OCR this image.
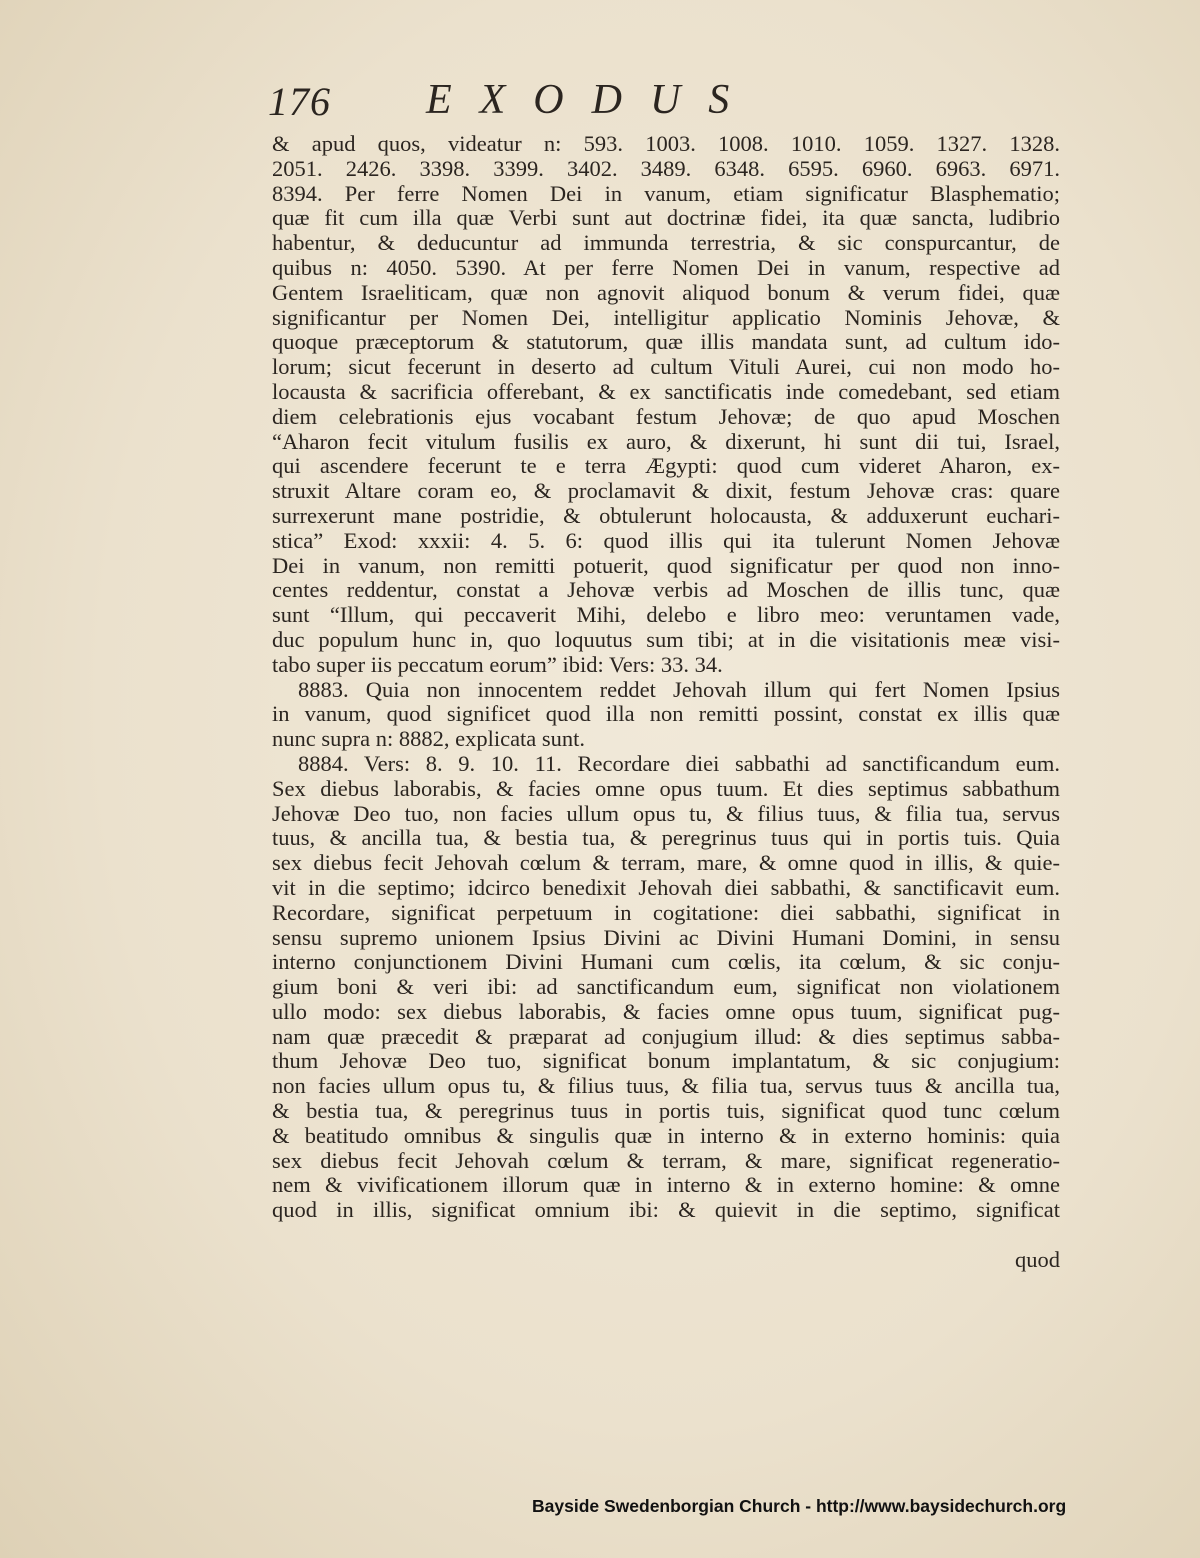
176 EXODUS
& apud quos, videatur n: 593. 1003. 1008. 1010. 1059. 1327. 1328.
2051. 2426. 3398. 3399. 3402. 3489. 6348. 6595. 6960. 6963. 6971.
8394. Per ferre Nomen Dei in vanum, etiam significatur Blasphematio;
quæ fit cum illa quæ Verbi sunt aut doctrinæ fidei, ita quæ sancta, ludibrio
habentur, & deducuntur ad immunda terrestria, & sic conspurcantur, de
quibus n: 4050. 5390. At per ferre Nomen Dei in vanum, respective ad
Gentem Israeliticam, quæ non agnovit aliquod bonum & verum fidei, quæ
significantur per Nomen Dei, intelligitur applicatio Nominis Jehovæ, &
quoque præceptorum & statutorum, quæ illis mandata sunt, ad cultum ido-
lorum; sicut fecerunt in deserto ad cultum Vituli Aurei, cui non modo ho-
locausta & sacrificia offerebant, & ex sanctificatis inde comedebant, sed etiam
diem celebrationis ejus vocabant festum Jehovæ; de quo apud Moschen
“Aharon fecit vitulum fusilis ex auro, & dixerunt, hi sunt dii tui, Israel,
qui ascendere fecerunt te e terra Ægypti: quod cum videret Aharon, ex-
struxit Altare coram eo, & proclamavit & dixit, festum Jehovæ cras: quare
surrexerunt mane postridie, & obtulerunt holocausta, & adduxerunt euchari-
stica” Exod: xxxii: 4. 5. 6: quod illis qui ita tulerunt Nomen Jehovæ
Dei in vanum, non remitti potuerit, quod significatur per quod non inno-
centes reddentur, constat a Jehovæ verbis ad Moschen de illis tunc, quæ
sunt “Illum, qui peccaverit Mihi, delebo e libro meo: veruntamen vade,
duc populum hunc in, quo loquutus sum tibi; at in die visitationis meæ visi-
tabo super iis peccatum eorum” ibid: Vers: 33. 34.
8883. Quia non innocentem reddet Jehovah illum qui fert Nomen Ipsius
in vanum, quod significet quod illa non remitti possint, constat ex illis quæ
nunc supra n: 8882, explicata sunt.
8884. Vers: 8. 9. 10. 11. Recordare diei sabbathi ad sanctificandum eum.
Sex diebus laborabis, & facies omne opus tuum. Et dies septimus sabbathum
Jehovæ Deo tuo, non facies ullum opus tu, & filius tuus, & filia tua, servus
tuus, & ancilla tua, & bestia tua, & peregrinus tuus qui in portis tuis. Quia
sex diebus fecit Jehovah cœlum & terram, mare, & omne quod in illis, & quie-
vit in die septimo; idcirco benedixit Jehovah diei sabbathi, & sanctificavit eum.
Recordare, significat perpetuum in cogitatione: diei sabbathi, significat in
sensu supremo unionem Ipsius Divini ac Divini Humani Domini, in sensu
interno conjunctionem Divini Humani cum cœlis, ita cœlum, & sic conju-
gium boni & veri ibi: ad sanctificandum eum, significat non violationem
ullo modo: sex diebus laborabis, & facies omne opus tuum, significat pug-
nam quæ præcedit & præparat ad conjugium illud: & dies septimus sabba-
thum Jehovæ Deo tuo, significat bonum implantatum, & sic conjugium:
non facies ullum opus tu, & filius tuus, & filia tua, servus tuus & ancilla tua,
& bestia tua, & peregrinus tuus in portis tuis, significat quod tunc cœlum
& beatitudo omnibus & singulis quæ in interno & in externo hominis: quia
sex diebus fecit Jehovah cœlum & terram, & mare, significat regeneratio-
nem & vivificationem illorum quæ in interno & in externo homine: & omne
quod in illis, significat omnium ibi: & quievit in die septimo, significat
quod
Bayside Swedenborgian Church - http://www.baysidechurch.org
